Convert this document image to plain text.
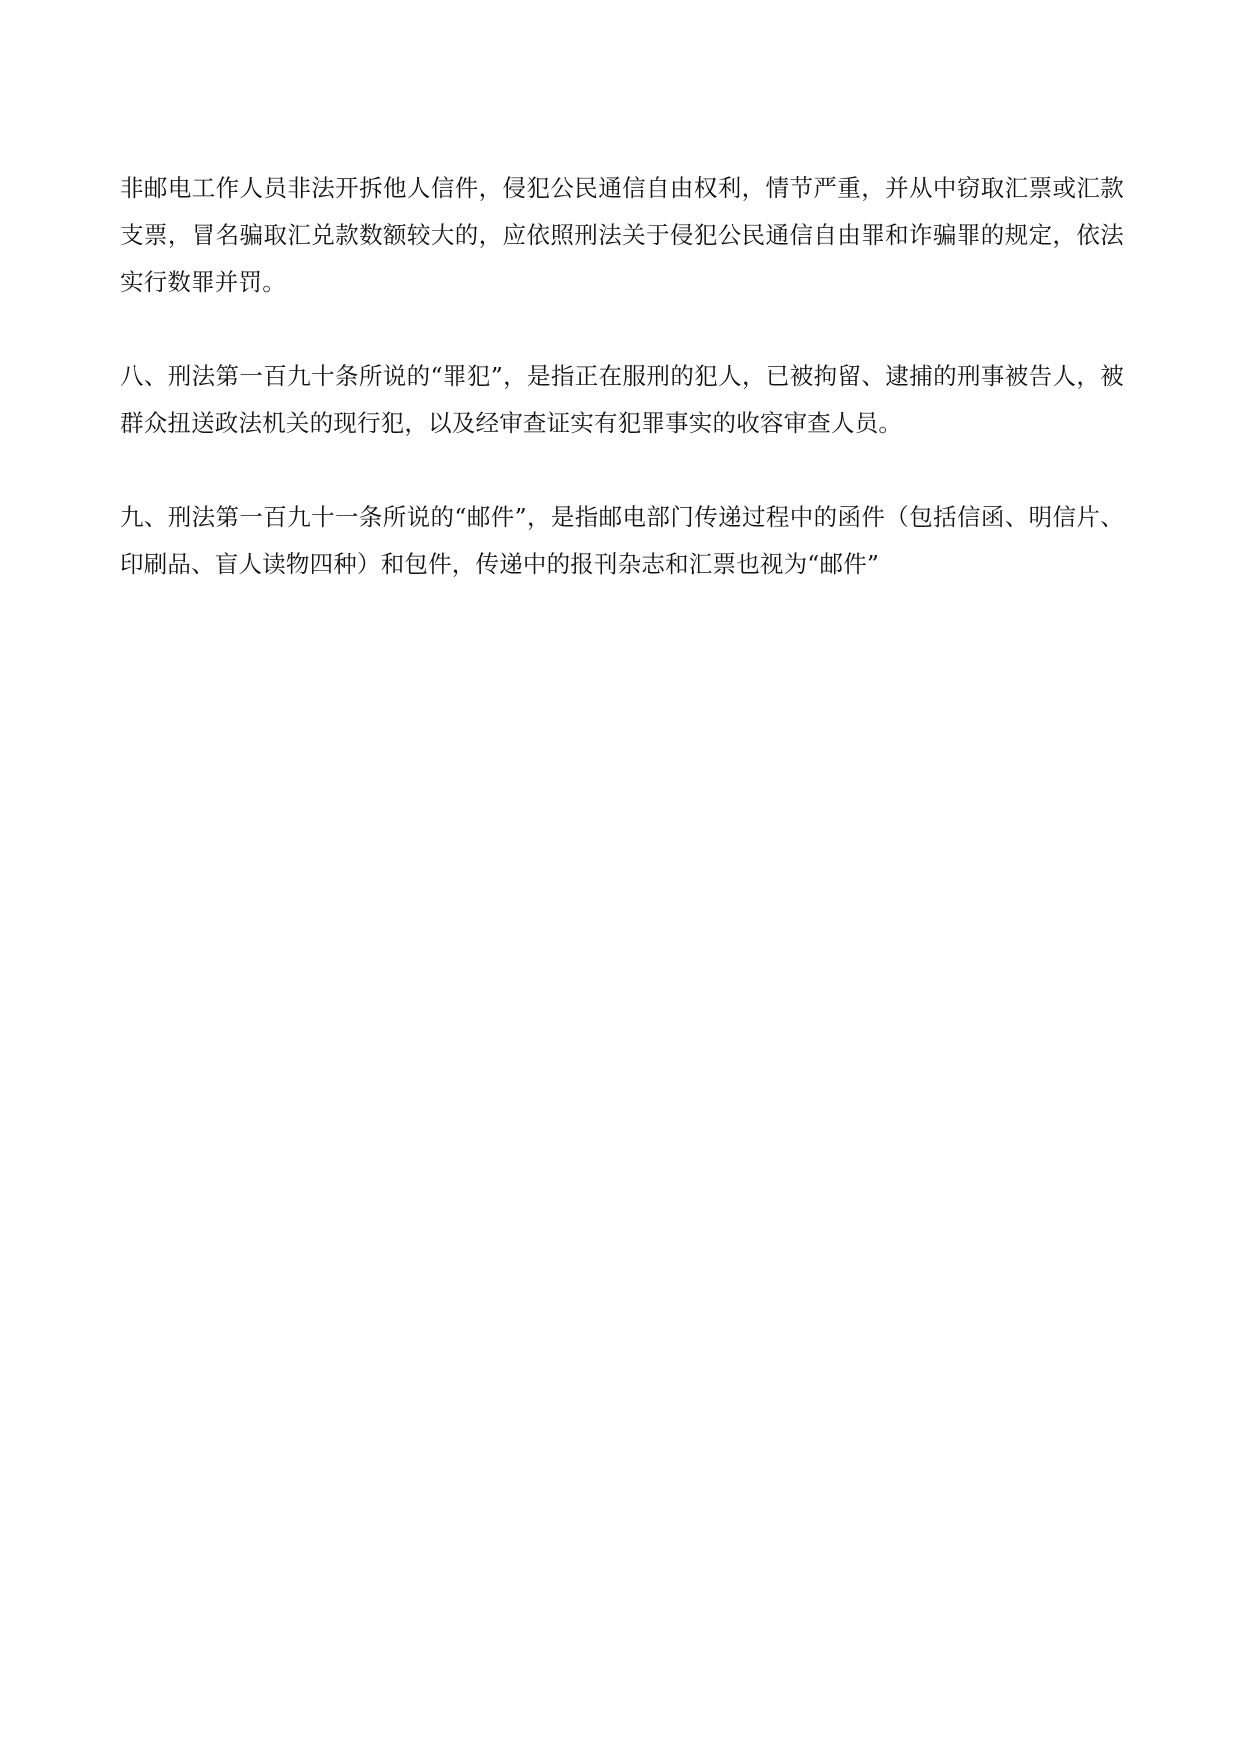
非邮电工作人员非法开拆他人信件，侵犯公民通信自由权利，情节严重，并从中窃取汇票或汇款支票，冒名骗取汇兑款数额较大的，应依照刑法关于侵犯公民通信自由罪和诈骗罪的规定，依法实行数罪并罚。

八、刑法第一百九十条所说的“罪犯”，是指正在服刑的犯人，已被拘留、逮捕的刑事被告人，被群众扭送政法机关的现行犯，以及经审查证实有犯罪事实的收容审查人员。

九、刑法第一百九十一条所说的“邮件”，是指邮电部门传递过程中的函件（包括信函、明信片、印刷品、盲人读物四种）和包件，传递中的报刊杂志和汇票也视为“邮件”
